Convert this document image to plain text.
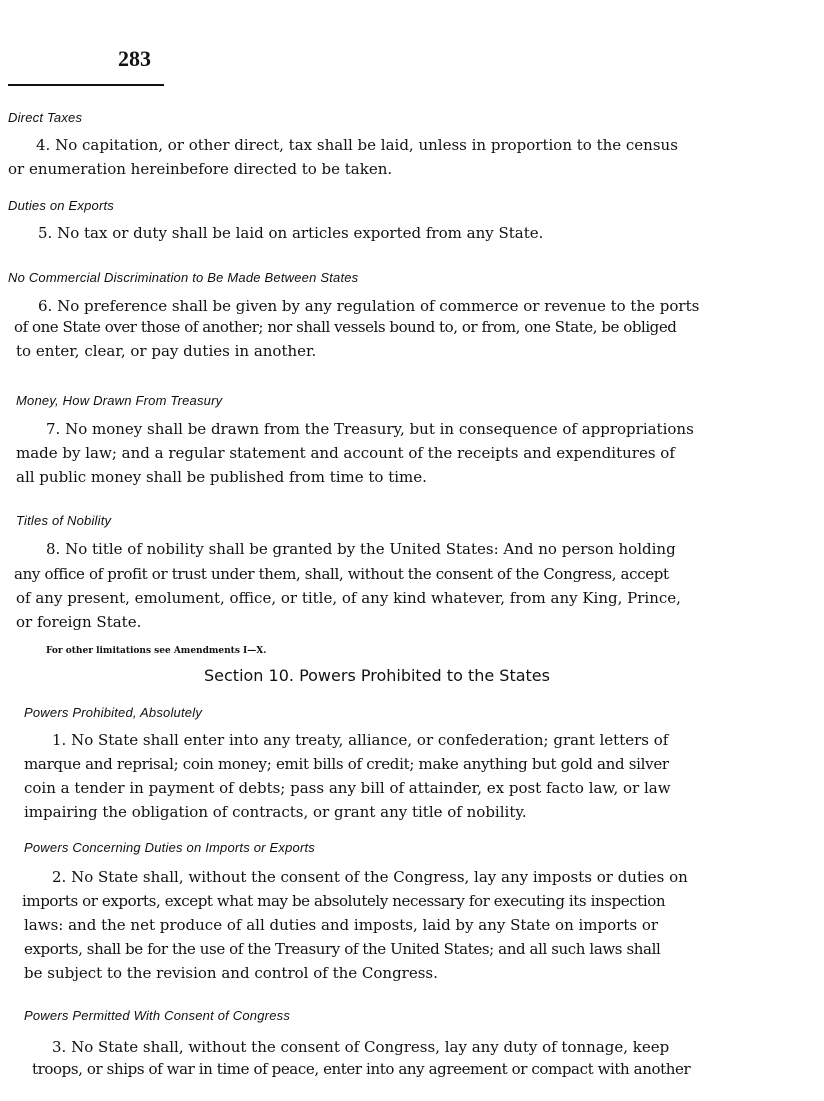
283
Direct Taxes
4. No capitation, or other direct, tax shall be laid, unless in proportion to the census
or enumeration hereinbefore directed to be taken.
Duties on Exports
5. No tax or duty shall be laid on articles exported from any State.
No Commercial Discrimination to Be Made Between States
6. No preference shall be given by any regulation of commerce or revenue to the ports
of one State over those of another; nor shall vessels bound to, or from, one State, be obliged
to enter, clear, or pay duties in another.
Money, How Drawn From Treasury
7. No money shall be drawn from the Treasury, but in consequence of appropriations
made by law; and a regular statement and account of the receipts and expenditures of
all public money shall be published from time to time.
Titles of Nobility
8. No title of nobility shall be granted by the United States: And no person holding
any office of profit or trust under them, shall, without the consent of the Congress, accept
of any present, emolument, office, or title, of any kind whatever, from any King, Prince,
or foreign State.
For other limitations see Amendments I—X.
Section 10. Powers Prohibited to the States
Powers Prohibited, Absolutely
1. No State shall enter into any treaty, alliance, or confederation; grant letters of
marque and reprisal; coin money; emit bills of credit; make anything but gold and silver
coin a tender in payment of debts; pass any bill of attainder, ex post facto law, or law
impairing the obligation of contracts, or grant any title of nobility.
Powers Concerning Duties on Imports or Exports
2. No State shall, without the consent of the Congress, lay any imposts or duties on
imports or exports, except what may be absolutely necessary for executing its inspection
laws: and the net produce of all duties and imposts, laid by any State on imports or
exports, shall be for the use of the Treasury of the United States; and all such laws shall
be subject to the revision and control of the Congress.
Powers Permitted With Consent of Congress
3. No State shall, without the consent of Congress, lay any duty of tonnage, keep
troops, or ships of war in time of peace, enter into any agreement or compact with another
